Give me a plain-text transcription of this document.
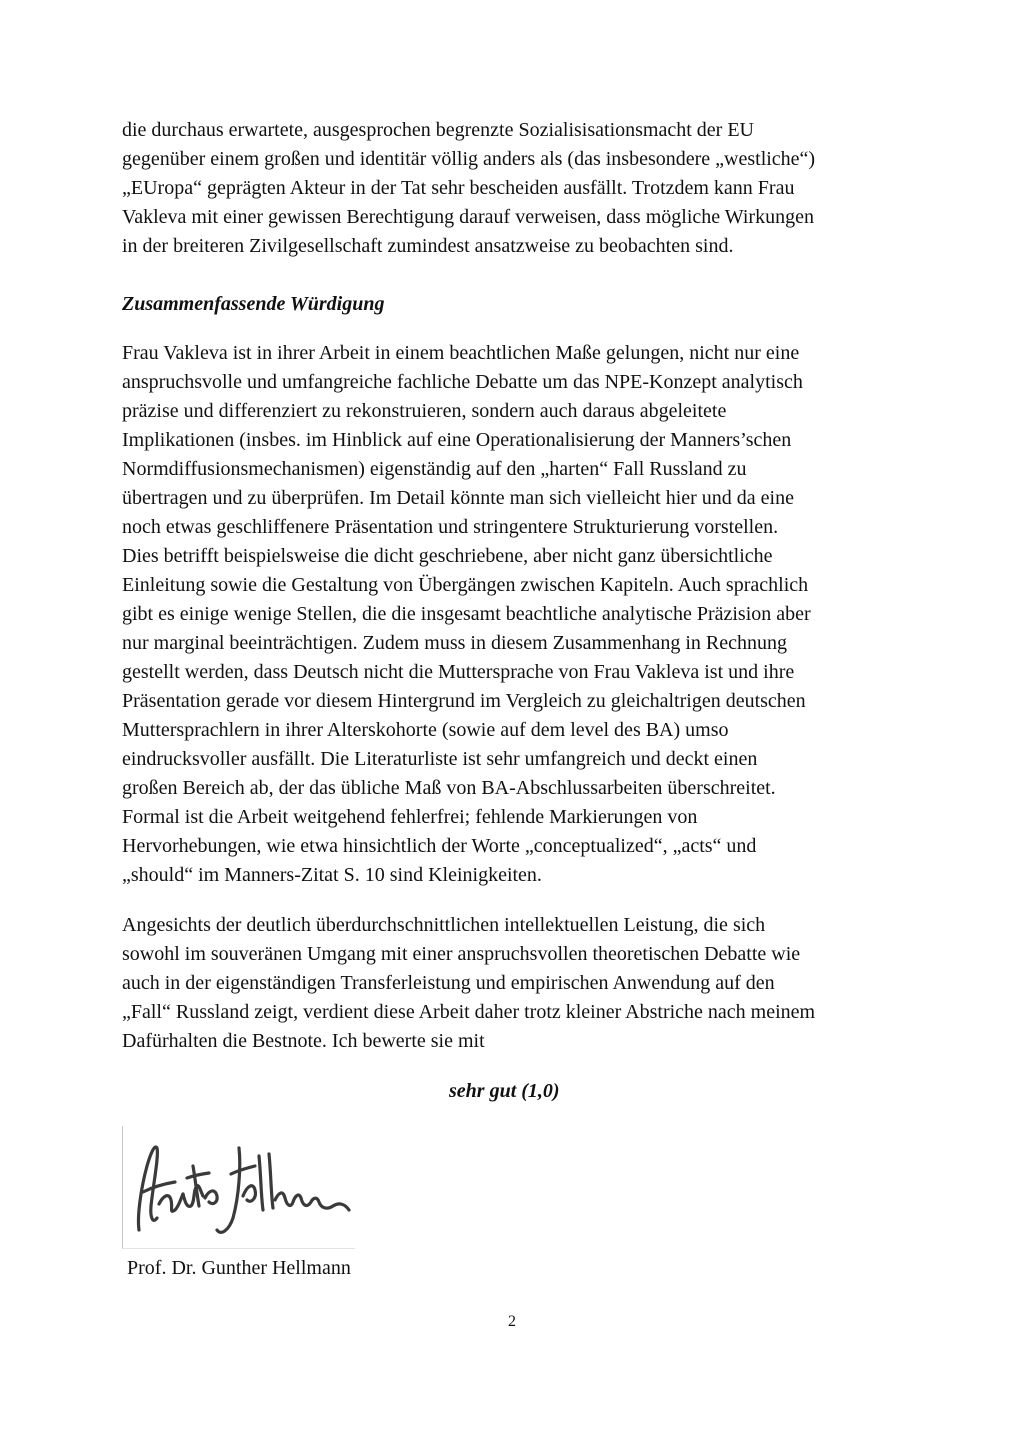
die durchaus erwartete, ausgesprochen begrenzte Sozialisisationsmacht der EU
gegenüber einem großen und identitär völlig anders als (das insbesondere „westliche“)
„EUropa“ geprägten Akteur in der Tat sehr bescheiden ausfällt. Trotzdem kann Frau
Vakleva mit einer gewissen Berechtigung darauf verweisen, dass mögliche Wirkungen
in der breiteren Zivilgesellschaft zumindest ansatzweise zu beobachten sind.
Zusammenfassende Würdigung
Frau Vakleva ist in ihrer Arbeit in einem beachtlichen Maße gelungen, nicht nur eine
anspruchsvolle und umfangreiche fachliche Debatte um das NPE-Konzept analytisch
präzise und differenziert zu rekonstruieren, sondern auch daraus abgeleitete
Implikationen (insbes. im Hinblick auf eine Operationalisierung der Manners’schen
Normdiffusionsmechanismen) eigenständig auf den „harten“ Fall Russland zu
übertragen und zu überprüfen. Im Detail könnte man sich vielleicht hier und da eine
noch etwas geschliffenere Präsentation und stringentere Strukturierung vorstellen.
Dies betrifft beispielsweise die dicht geschriebene, aber nicht ganz übersichtliche
Einleitung sowie die Gestaltung von Übergängen zwischen Kapiteln. Auch sprachlich
gibt es einige wenige Stellen, die die insgesamt beachtliche analytische Präzision aber
nur marginal beeinträchtigen. Zudem muss in diesem Zusammenhang in Rechnung
gestellt werden, dass Deutsch nicht die Muttersprache von Frau Vakleva ist und ihre
Präsentation gerade vor diesem Hintergrund im Vergleich zu gleichaltrigen deutschen
Muttersprachlern in ihrer Alterskohorte (sowie auf dem level des BA) umso
eindrucksvoller ausfällt. Die Literaturliste ist sehr umfangreich und deckt einen
großen Bereich ab, der das übliche Maß von BA-Abschlussarbeiten überschreitet.
Formal ist die Arbeit weitgehend fehlerfrei; fehlende Markierungen von
Hervorhebungen, wie etwa hinsichtlich der Worte „conceptualized“, „acts“ und
„should“ im Manners-Zitat S. 10 sind Kleinigkeiten.
Angesichts der deutlich überdurchschnittlichen intellektuellen Leistung, die sich
sowohl im souveränen Umgang mit einer anspruchsvollen theoretischen Debatte wie
auch in der eigenständigen Transferleistung und empirischen Anwendung auf den
„Fall“ Russland zeigt, verdient diese Arbeit daher trotz kleiner Abstriche nach meinem
Dafürhalten die Bestnote. Ich bewerte sie mit
sehr gut (1,0)
Prof. Dr. Gunther Hellmann
2
